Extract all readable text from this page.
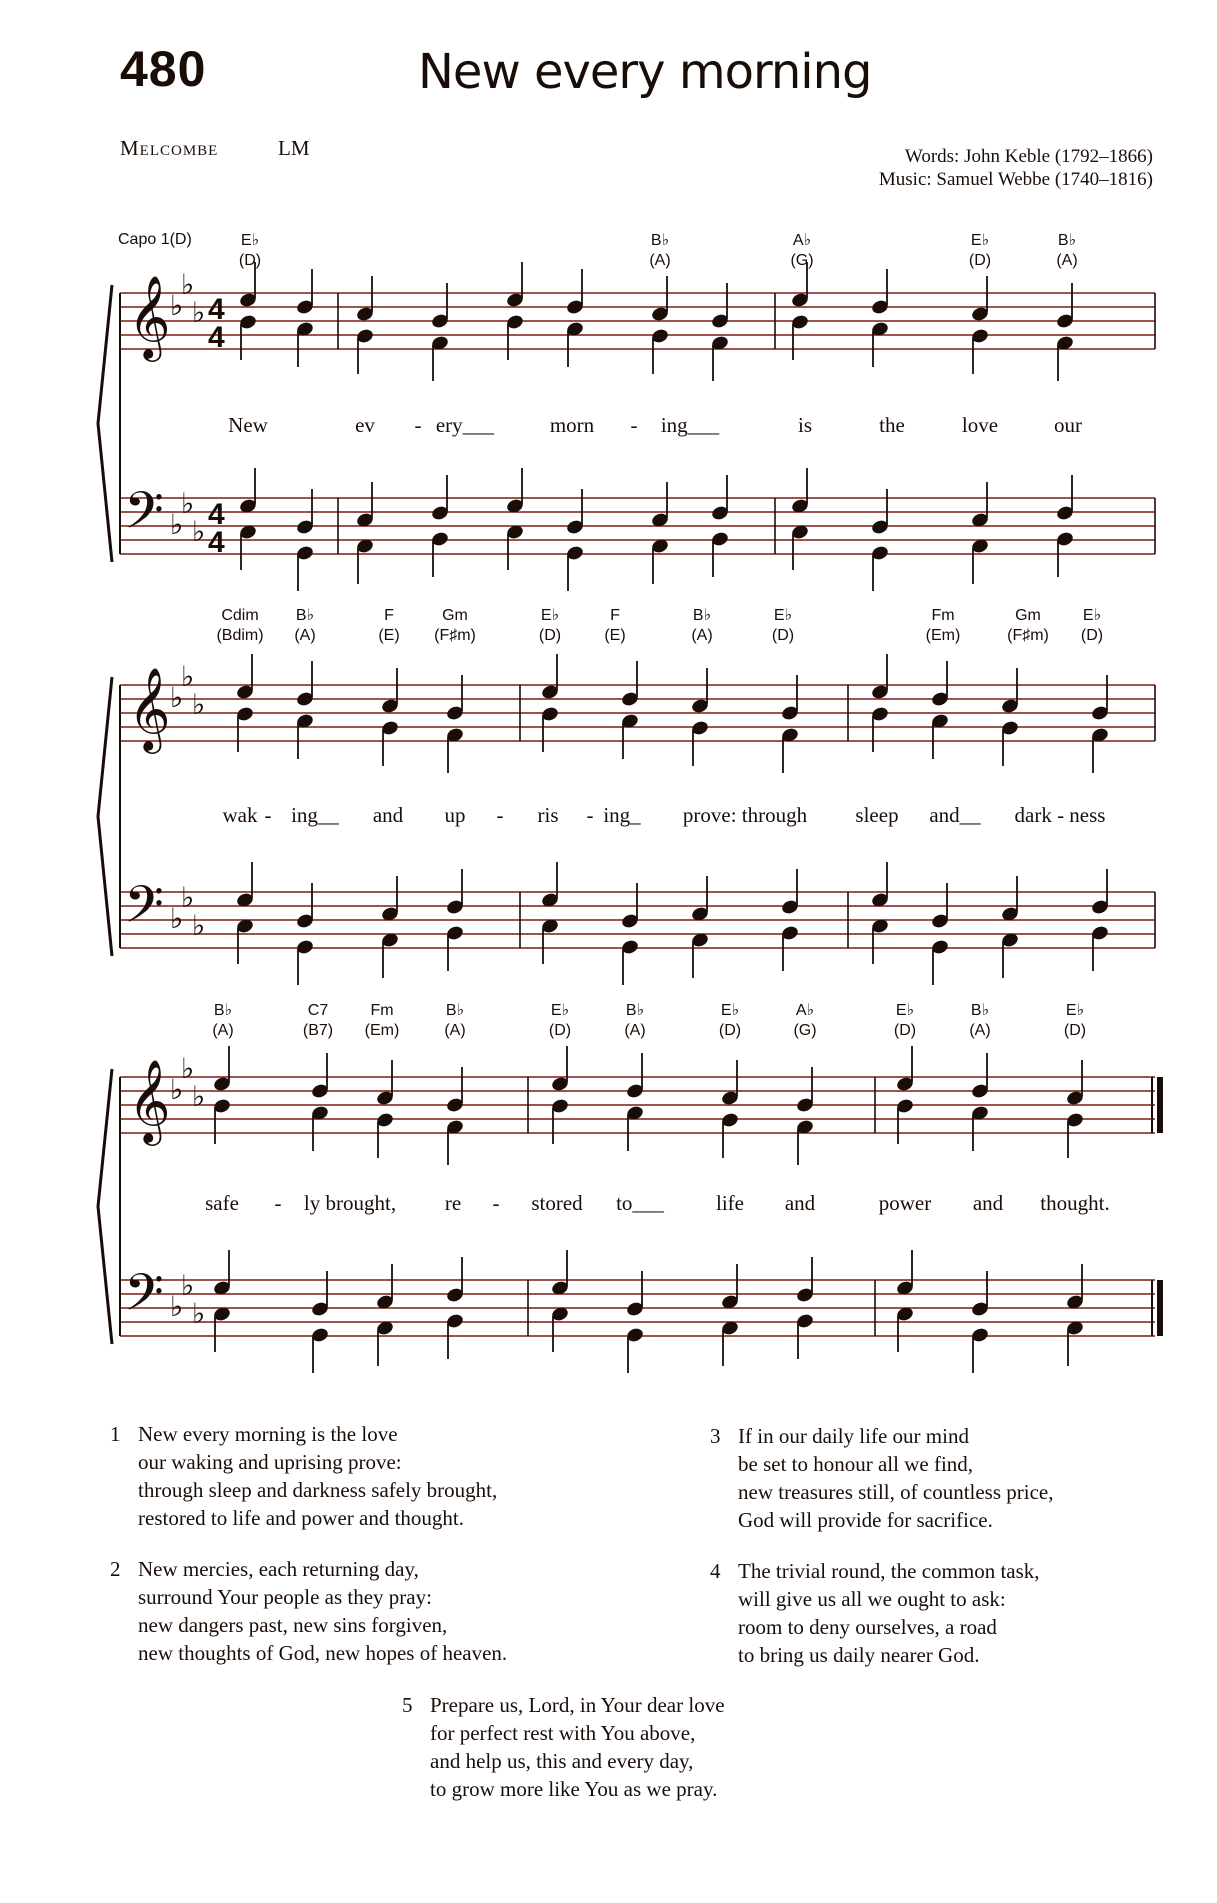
480	New every morning
Melcombe	LM	Words: John Keble (1792–1866)
Music: Samuel Webbe (1740–1816)
Capo 1(D)
𝄞
𝄢
♭
♭
♭
♭
♭
♭
4
4
4
4
E♭
(D)
B♭
(A)
A♭
(G)
E♭
(D)
B♭
(A)
New	ev - ery___	morn - ing___	is	the	love	our
𝄞
𝄢
♭
♭
♭
♭
♭
♭
Cdim
(Bdim)
B♭
(A)
F
(E)
Gm
(F♯m)
E♭
(D)
F
(E)
B♭
(A)
E♭
(D)
Fm
(Em)
Gm
(F♯m)
E♭
(D)
wak - ing__ and up - ris - ing_ prove: through sleep and__ dark - ness
𝄞
𝄢
♭
♭
♭
♭
♭
♭
B♭
(A)
C7
(B7)
Fm
(Em)
B♭
(A)
E♭
(D)
B♭
(A)
E♭
(D)
A♭
(G)
E♭
(D)
B♭
(A)
E♭
(D)
safe - ly brought, re - stored to___ life and	power and thought.
1 New every morning is the love
our waking and uprising prove:
through sleep and darkness safely brought,
restored to life and power and thought.
2 New mercies, each returning day,
surround Your people as they pray:
new dangers past, new sins forgiven,
new thoughts of God, new hopes of heaven.
3 If in our daily life our mind
be set to honour all we find,
new treasures still, of countless price,
God will provide for sacrifice.
4 The trivial round, the common task,
will give us all we ought to ask:
room to deny ourselves, a road
to bring us daily nearer God.
5 Prepare us, Lord, in Your dear love
for perfect rest with You above,
and help us, this and every day,
to grow more like You as we pray.
